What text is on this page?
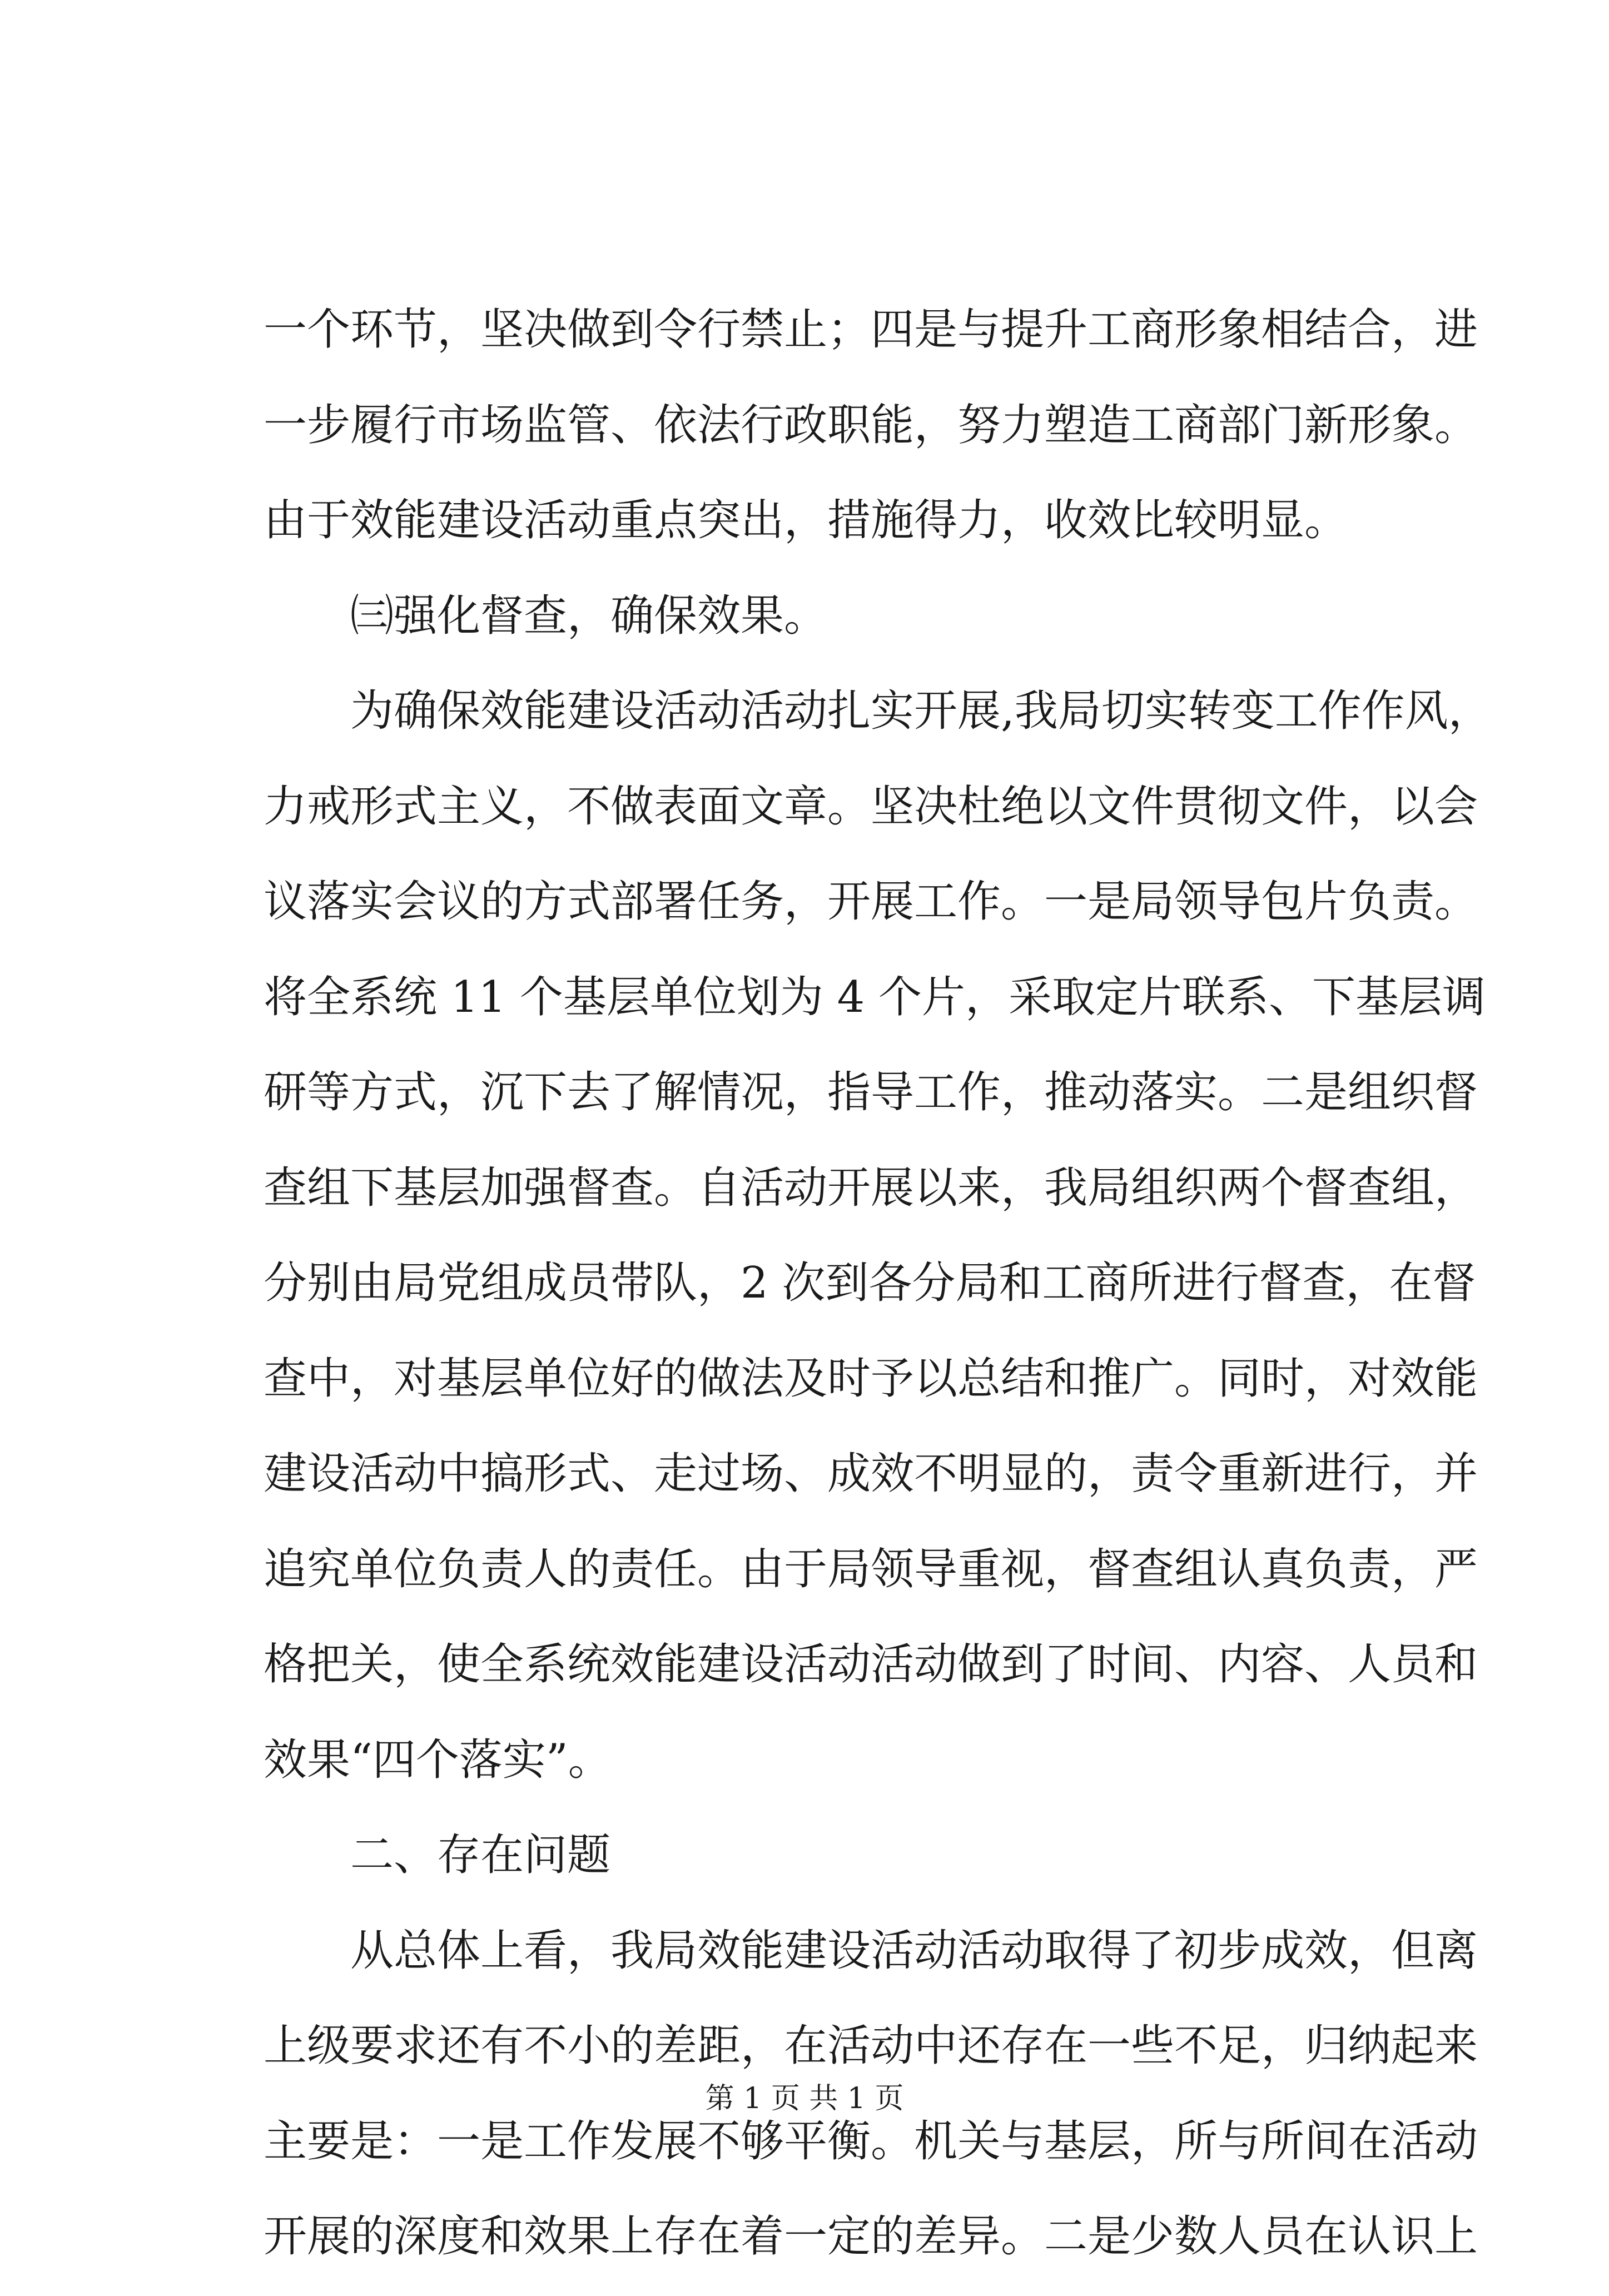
一个环节，坚决做到令行禁止；四是与提升工商形象相结合，进
一步履行市场监管、依法行政职能，努力塑造工商部门新形象。
由于效能建设活动重点突出，措施得力，收效比较明显。
㈢强化督查，确保效果。
为确保效能建设活动活动扎实开展,我局切实转变工作作风，
力戒形式主义，不做表面文章。坚决杜绝以文件贯彻文件，以会
议落实会议的方式部署任务，开展工作。一是局领导包片负责。
将全系统 11 个基层单位划为 4 个片，采取定片联系、下基层调
研等方式，沉下去了解情况，指导工作，推动落实。二是组织督
查组下基层加强督查。自活动开展以来，我局组织两个督查组，
分别由局党组成员带队，2 次到各分局和工商所进行督查，在督
查中，对基层单位好的做法及时予以总结和推广。同时，对效能
建设活动中搞形式、走过场、成效不明显的，责令重新进行，并
追究单位负责人的责任。由于局领导重视，督查组认真负责，严
格把关，使全系统效能建设活动活动做到了时间、内容、人员和
效果“四个落实”。
二、存在问题
从总体上看，我局效能建设活动活动取得了初步成效，但离
上级要求还有不小的差距，在活动中还存在一些不足，归纳起来
主要是：一是工作发展不够平衡。机关与基层，所与所间在活动
开展的深度和效果上存在着一定的差异。二是少数人员在认识上
第 1 页 共 1 页
